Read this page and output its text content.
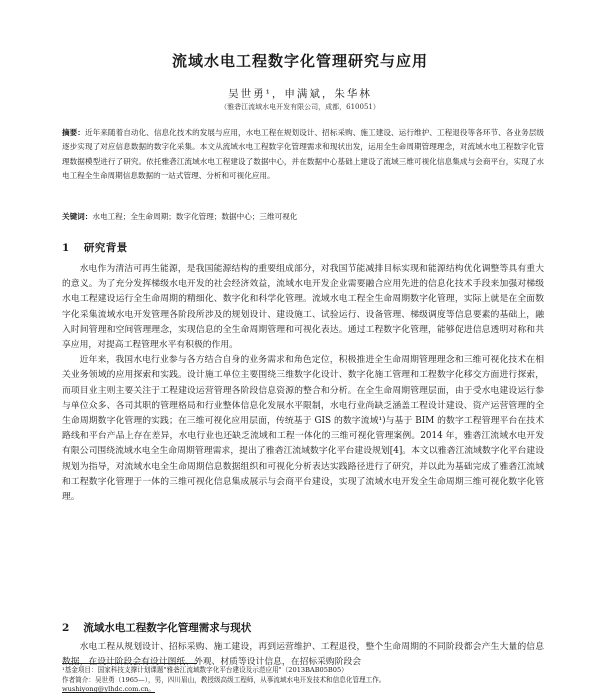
流域水电工程数字化管理研究与应用
吴世勇¹，申满斌，朱华林
（雅砻江流域水电开发有限公司，成都，610051）
摘要：近年来随着自动化、信息化技术的发展与应用，水电工程在规划设计、招标采购、施工建设、运行维护、工程退役等各环节、各业务层级逐步实现了对应信息数据的数字化采集。本文从流域水电工程数字化管理需求和现状出发，运用全生命周期管理理念，对流域水电工程数字化管理数据模型进行了研究。依托雅砻江流域水电工程建设了数据中心，并在数据中心基础上建设了流域三维可视化信息集成与会商平台，实现了水电工程全生命周期信息数据的一站式管理、分析和可视化应用。
关键词：水电工程；全生命周期；数字化管理；数据中心；三维可视化
1 研究背景

水电作为清洁可再生能源，是我国能源结构的重要组成部分，对我国节能减排目标实现和能源结构优化调整等具有重大的意义。为了充分发挥梯级水电开发的社会经济效益，流域水电开发企业需要融合应用先进的信息化技术手段来加强对梯级水电工程建设运行全生命周期的精细化、数字化和科学化管理。流域水电工程全生命周期数字化管理，实际上就是在全面数字化采集流域水电开发管理各阶段所涉及的规划设计、建设施工、试验运行、设备管理、梯级调度等信息要素的基础上，融入时间管理和空间管理理念，实现信息的全生命周期管理和可视化表达。通过工程数字化管理，能够促进信息透明对称和共享应用，对提高工程管理水平有积极的作用。

近年来，我国水电行业参与各方结合自身的业务需求和角色定位，积极推进全生命周期管理理念和三维可视化技术在相关业务领域的应用探索和实践。设计施工单位主要围绕三维数字化设计、数字化施工管理和工程数字化移交方面进行探索，而项目业主则主要关注于工程建设运营管理各阶段信息资源的整合和分析。在全生命周期管理层面，由于受水电建设运行参与单位众多、各司其职的管理格局和行业整体信息化发展水平限制，水电行业尚缺乏涵盖工程设计建设、资产运营管理的全生命周期数字化管理的实践；在三维可视化应用层面，传统基于 GIS 的数字流域¹)与基于 BIM 的数字工程管理平台在技术路线和平台产品上存在差异，水电行业也还缺乏流域和工程一体化的三维可视化管理案例。2014 年，雅砻江流域水电开发有限公司围绕流域水电全生命周期管理需求，提出了雅砻江流域数字化平台建设规划[4]。本文以雅砻江流域数字化平台建设规划为指导，对流域水电全生命周期信息数据组织和可视化分析表达实践路径进行了研究，并以此为基础完成了雅砻江流域和工程数字化管理于一体的三维可视化信息集成展示与会商平台建设，实现了流域水电开发全生命周期三维可视化数字化管理。

2 流域水电工程数字化管理需求与现状

水电工程从规划设计、招标采购、施工建设，再到运营维护、工程退役，整个生命周期的不同阶段都会产生大量的信息数据，在设计阶段会有设计图纸、外观、材质等设计信息，在招标采购阶段会

¹基金项目：国家科技支撑计划课题"雅砻江流域数字化平台建设及示范应用"（2013BAB05B05）
作者简介：吴世勇（1965—），男，四川眉山，教授级高级工程师，从事流域水电开发技术和信息化管理工作。
wushiyong@ylhdc.com.cn。
